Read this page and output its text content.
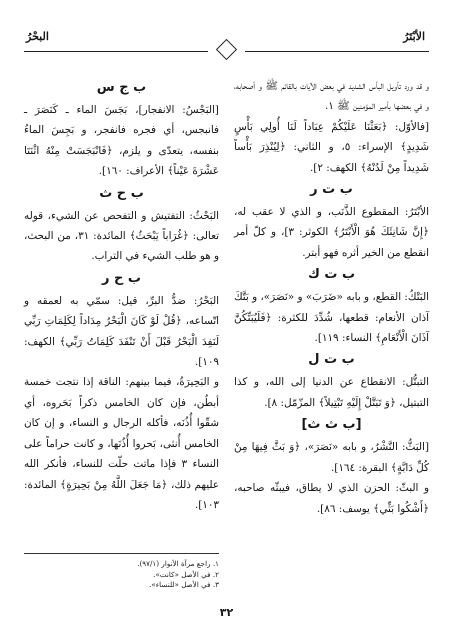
الأبْتَرُ
البحْرُ

و قد ورد تأويل البأس الشديد في بعض الآيات بالقائم ﷺ و أصحابه، و في بعضها بأمير المؤمنين ﷺ ١.

[فالأوّل: ﴿بَعَثْنَا عَلَيْكُمْ عِبَاداً لَنَا أُولِي بَأْسٍ شَدِيدٍ﴾ الإسراء: ٥، و الثاني: ﴿لِيُنْذِرَ بَأْساً شَدِيداً مِنْ لَدُنْهُ﴾ الكهف: ٢].

ب ت ر

الأبْتَرُ: المقطوع الذَّنَب، و الذي لا عقب له، ﴿إِنَّ شَانِئَكَ هُوَ الْأَبْتَرُ﴾ الكوثر: ٣]، و كلّ أمر انقطع من الخير أثره فهو أبتر.

ب ت ك

البَتْكُ: القطع، و بابه «ضَرَبَ» و «نَصَرَ»، و بَتَّكَ آذان الأنعام: قطعها، شُدِّدَ للكثرة: ﴿فَلَيُبَتِّكُنَّ آذَانَ الْأَنْعَامِ﴾ النساء: ١١٩].

ب ت ل

التبتُّل: الانقطاع عن الدنيا إلى الله، و كذا التبتيل، ﴿وَ تَبَتَّلْ إِلَيْهِ تَبْتِيلاً﴾ المزّمّل: ٨].

[ب ث ث]

[البَثُّ: النَّشْرُ، و بابه «نَصَرَ»، ﴿وَ بَثَّ فِيهَا مِنْ كُلِّ دَابَّةٍ﴾ البقرة: ١٦٤].

و البثّ: الحزن الذي لا يطاق، فيبثّه صاحبه، ﴿أَشْكُوا بَثِّي﴾ يوسف: ٨٦].

ب ج س

[البَجْسُ: الانفجار]، بَجَسَ الماء ـ كَنَصَرَ ـ فانبجس، أي فجره فانفجر، و بَجِسَ الماءُ بنفسه، يتعدّى و يلزم، ﴿فَانْبَجَسَتْ مِنْهُ اثْنَتَا عَشْرَةَ عَيْناً﴾ الأعراف: ١٦٠].

ب ح ث

البَحْثُ: التفتيش و التفحص عن الشيء، قوله تعالى: ﴿غُرَاباً يَبْحَثُ﴾ المائدة: ٣١، من البحث، و هو طلب الشيء في التراب.

ب ح ر

البَحْرُ: ضدُّ البرِّ، قيل: سمّي به لعمقه و اتّساعه، ﴿قُلْ لَوْ كَانَ الْبَحْرُ مِدَاداً لِكَلِمَاتِ رَبِّي لَنَفِدَ الْبَحْرُ قَبْلَ أَنْ تَنْفَدَ كَلِمَاتُ رَبِّي﴾ الكهف: ١٠٩].

و البَحِيرَةُ، فيما بينهم: الناقة إذا نتجت خمسة أبطُن، فإن كان الخامس ذكراً بَحَروه، أي شقّوا أُذُنَه، فأكله الرجال و النساء، و إن كان الخامس أُنثى، بَحروا أُذُنَها، و كانت حراماً على النساء ٣ فإذا ماتت حلّت للنساء، فأنكر الله عليهم ذلك، ﴿مَا جَعَلَ اللَّهُ مِنْ بَحِيرَةٍ﴾ المائدة: ١٠٣].

١. راجع مرآة الأنوار (٩٧/١).

٢. في الأصل «كانت».

٣. في الأصل «للنساء».

٣٢
